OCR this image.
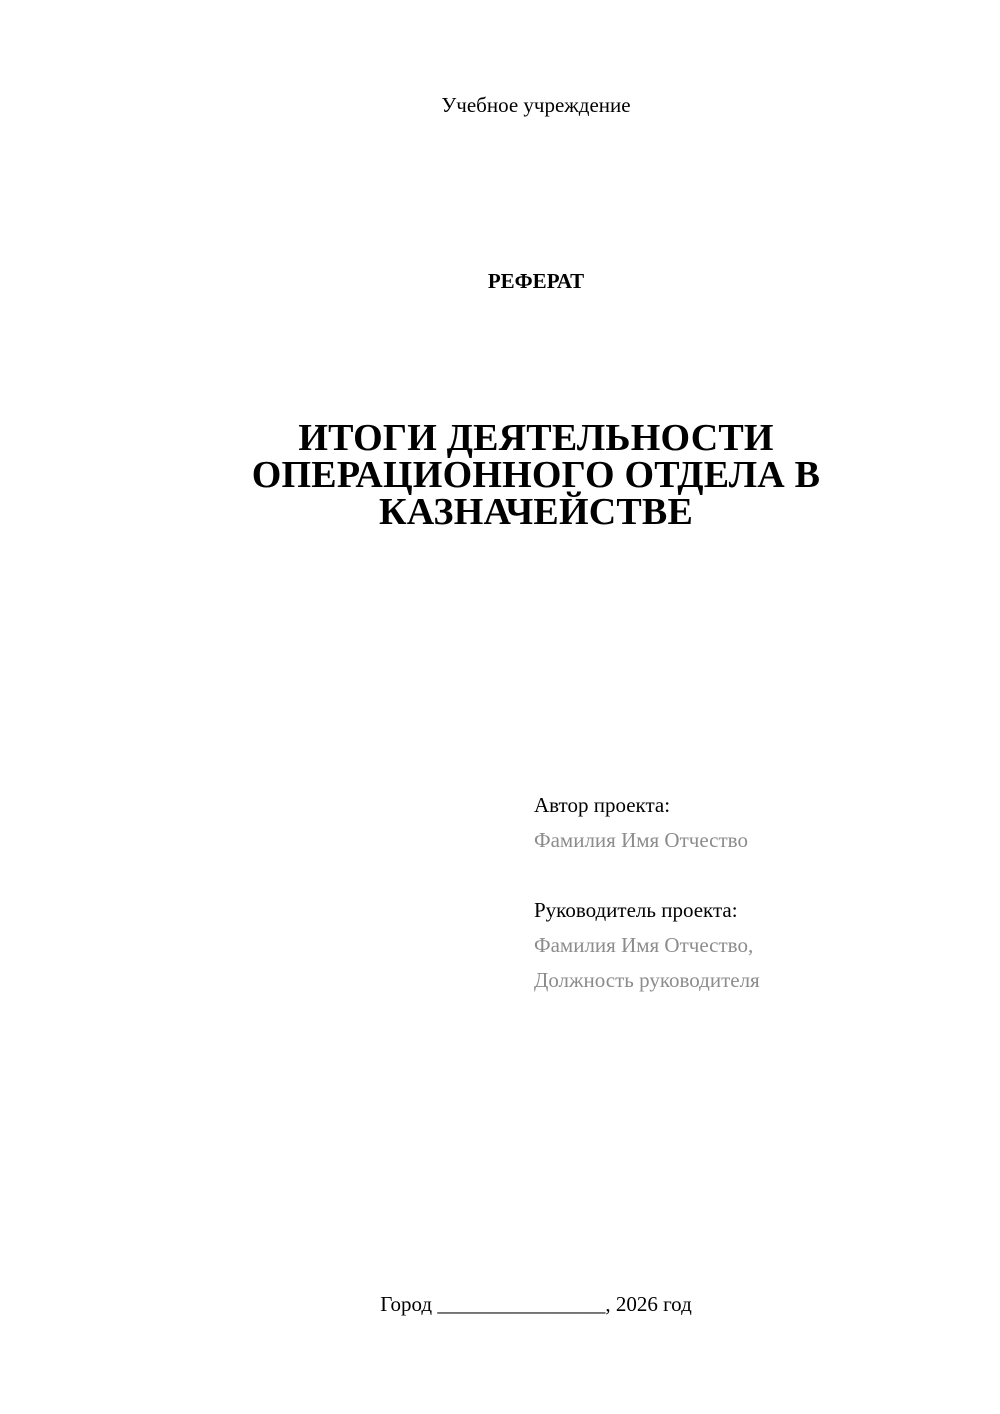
Учебное учреждение
РЕФЕРАТ
ИТОГИ ДЕЯТЕЛЬНОСТИ
ОПЕРАЦИОННОГО ОТДЕЛА В
КАЗНАЧЕЙСТВЕ
Автор проекта:
Фамилия Имя Отчество
Руководитель проекта:
Фамилия Имя Отчество,
Должность руководителя
Город ________________, 2026 год
